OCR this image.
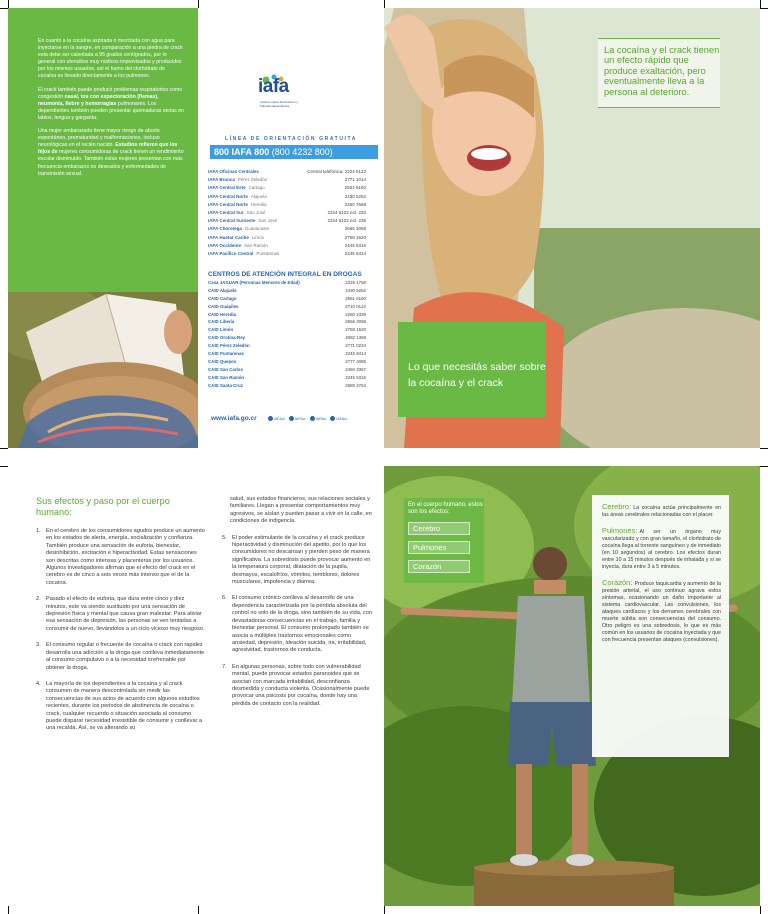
En cuanto a la cocaína aspirada o mezclada con agua para inyectarse en la sangre, en comparación a una piedra de crack esta debe ser calentada a 95 grados centígrados, por lo general con utensilios muy rústicos improvisados y producidos por los mismos usuarios, así el humo del clorhidrato de cocaína es llevado directamente a los pulmones.

El crack también puede producir problemas respiratorios como congestión nasal, tos con expectoración (flemas), neumonía, fiebre y hemorragias pulmonares. Los dependientes también pueden presentar quemaduras serias en labios, lengua y garganta.

Una mujer embarazada tiene mayor riesgo de aborto espontáneo, prematuridad y malformaciones, incluso neurológicas en el recién nacido. Estudios refieren que los hijos de mujeres consumidoras de crack tienen un rendimiento escolar disminuido. También estas mujeres presentan con más frecuencia embarazos no deseados y enfermedades de transmisión sexual.

iafa
Instituto sobre Alcoholismo y Farmacodependencia
LÍNEA DE ORIENTACIÓN GRATUITA
800 IAFA 800 (800 4232 800)
IAFA Oficinas Centrales	Central telefónica: 2224 6122
IAFA Brunca Pérez Zeledón	2771 1014
IAFA Central Este Cartago	2551 6160
IAFA Central Norte Alajuela	2430 5252
IAFA Central Norte Heredia	2260 7668
IAFA Central Sur San José	2224 6122 ext. 233
IAFA Central Suroeste San José	2224 6122 ext. 235
IAFA Chorotega Guanacaste	2666 3058
IAFA Huetar Caribe Limón	2758 1520
IAFA Occidente San Ramón	2445 5316
IAFA Pacífico Central Puntarenas	2245 9414
CENTROS DE ATENCIÓN INTEGRAL EN DROGAS
Casa JAGUAR (Personas Menores de Edad)	2225 1758
CAID Alajuela	2430 5252
CAID Cartago	2551 6160
CAID Guápiles	2710 0122
CAID Heredia	2260 2339
CAID Liberia	2666 3058
CAID Limón	2758 1520
CAID Orotina-Rey	4082 1369
CAID Pérez Zeledón	2771 0234
CAID Puntarenas	2245 9414
CAID Quepos	2777 4085
CAID San Carlos	2460 3367
CAID San Ramón	2245 5316
CAID Santa Cruz	2680 4764
www.iafa.go.cr	IAFAcr	IAFAcr	IAFAcr	IAFAcr
La cocaína y el crack tienen un efecto rápido que produce exaltación, pero eventualmente lleva a la persona al deterioro.
Lo que necesitás saber sobre la cocaína y el crack
Sus efectos y paso por el cuerpo humano:
1. En el cerebro de los consumidores agudos produce un aumento en los estados de alerta, energía, socialización y confianza. También produce una sensación de euforia, bienestar, desinhibición, excitación e hiperactividad. Estas sensaciones son descritas como intensas y placenteras por los usuarios. Algunos investigadores afirman que el efecto del crack en el cerebro es de cinco a seis veces más intenso que el de la cocaína.
2. Pasado el efecto de euforia, que dura entre cinco y diez minutos, este va siendo sustituido por una sensación de depresión física y mental que causa gran malestar. Para aliviar esa sensación de depresión, las personas se ven tentadas a consumir de nuevo, llevándolos a un ciclo vicioso muy riesgoso.
3. El consumo regular o frecuente de cocaína o crack con rapidez desarrolla una adicción a la droga que conlleva inmediatamente al consumo compulsivo o a la necesidad irrefrenable por obtener la droga.
4. La mayoría de los dependientes a la cocaína y al crack consumen de manera descontrolada sin medir las consecuencias de sus actos de acuerdo con algunos estudios recientes, durante los periodos de abstinencia de cocaína o crack, cualquier recuerdo o situación asociada al consumo puede disparar necesidad irresistible de consumir y conllevar a una recaída. Así, se va alterando su

salud, sus estados financieros, sus relaciones sociales y familiares. Llegan a presentar comportamientos muy agresivos, se aíslan y pueden pasar a vivir en la calle, en condiciones de indigencia.

5. El poder estimulante de la cocaína y el crack produce hiperactividad y disminución del apetito, por lo que los consumidores no descansan y pierden peso de manera significativa. La sobredosis puede provocar aumento en la temperatura corporal, dilatación de la pupila, desmayos, escalofríos, vómitos, temblores, dolores musculares, impotencia y diarrea.
6. El consumo crónico conlleva al desarrollo de una dependencia caracterizada por la pérdida absoluta del control no solo de la droga, sino también de su vida, con devastadoras consecuencias en el trabajo, familia y bienestar personal. El consumo prolongado también se asocia a múltiples trastornos emocionales como ansiedad, depresión, ideación suicida, ira, irritabilidad, agresividad, trastornos de conducta.
7. En algunas personas, sobre todo con vulnerabilidad mental, puede provocar estados paranoides que se asocian con marcada irritabilidad, desconfianza desmedida y conducta violenta. Ocasionalmente puede provocar una psicosis por cocaína, donde hay una pérdida de contacto con la realidad.
En el cuerpo humano, estos son los efectos:
Cerebro
Pulmones
Corazón

Cerebro: La cocaína actúa principalmente en las áreas cerebrales relacionadas con el placer.

Pulmones: Al ser un órgano muy vascularizado y con gran tamaño, el clorhidrato de cocaína llega al torrente sanguíneo y de inmediato (en 10 segundos) al cerebro. Los efectos duran entre 10 a 15 minutos después de inhalada y si se inyecta, dura entre 3 a 5 minutos.

Corazón: Produce taquicardia y aumento de la presión arterial, el uso continuo agrava estos síntomas, ocasionando un daño importante al sistema cardiovascular. Las convulsiones, los ataques cardíacos y los derrames cerebrales con muerte súbita son consecuencias del consumo. Otro peligro es una sobredosis, lo que es más común en los usuarios de cocaína inyectada y que con frecuencia presentan ataques (convulsiones).
